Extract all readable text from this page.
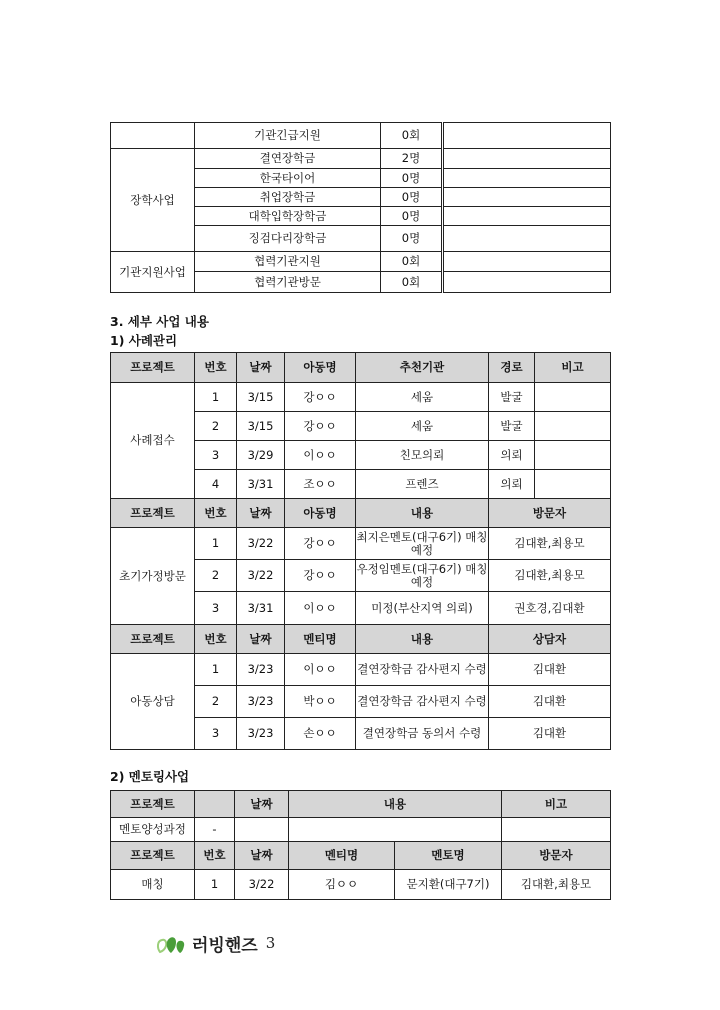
	기관긴급지원	0회	
장학사업	결연장학금	2명	
	한국타이어	0명	
	취업장학금	0명	
	대학입학장학금	0명	
	징검다리장학금	0명	
기관지원사업	협력기관지원	0회	
	협력기관방문	0회	
3. 세부 사업 내용
1) 사례관리
프로젝트	번호	날짜	아동명	추천기관	경로	비고
사례접수	1	3/15	강ㅇㅇ	세움	발굴	
	2	3/15	강ㅇㅇ	세움	발굴	
	3	3/29	이ㅇㅇ	친모의뢰	의뢰	
	4	3/31	조ㅇㅇ	프렌즈	의뢰	
프로젝트	번호	날짜	아동명	내용	방문자	
초기가정방문	1	3/22	강ㅇㅇ	최지은멘토(대구6기) 매칭 예정	김대환,최용모	
	2	3/22	강ㅇㅇ	우정임멘토(대구6기) 매칭 예정	김대환,최용모	
	3	3/31	이ㅇㅇ	미정(부산지역 의뢰)	권호경,김대환	
프로젝트	번호	날짜	멘티명	내용	상담자	
아동상담	1	3/23	이ㅇㅇ	결연장학금 감사편지 수령	김대환	
	2	3/23	박ㅇㅇ	결연장학금 감사편지 수령	김대환	
	3	3/23	손ㅇㅇ	결연장학금 동의서 수령	김대환	
2) 멘토링사업
프로젝트		날짜	내용		비고
멘토양성과정	-				
프로젝트	번호	날짜	멘티명	멘토명	방문자
매칭	1	3/22	김ㅇㅇ	문지환(대구7기)	김대환,최용모
러빙핸즈 3
